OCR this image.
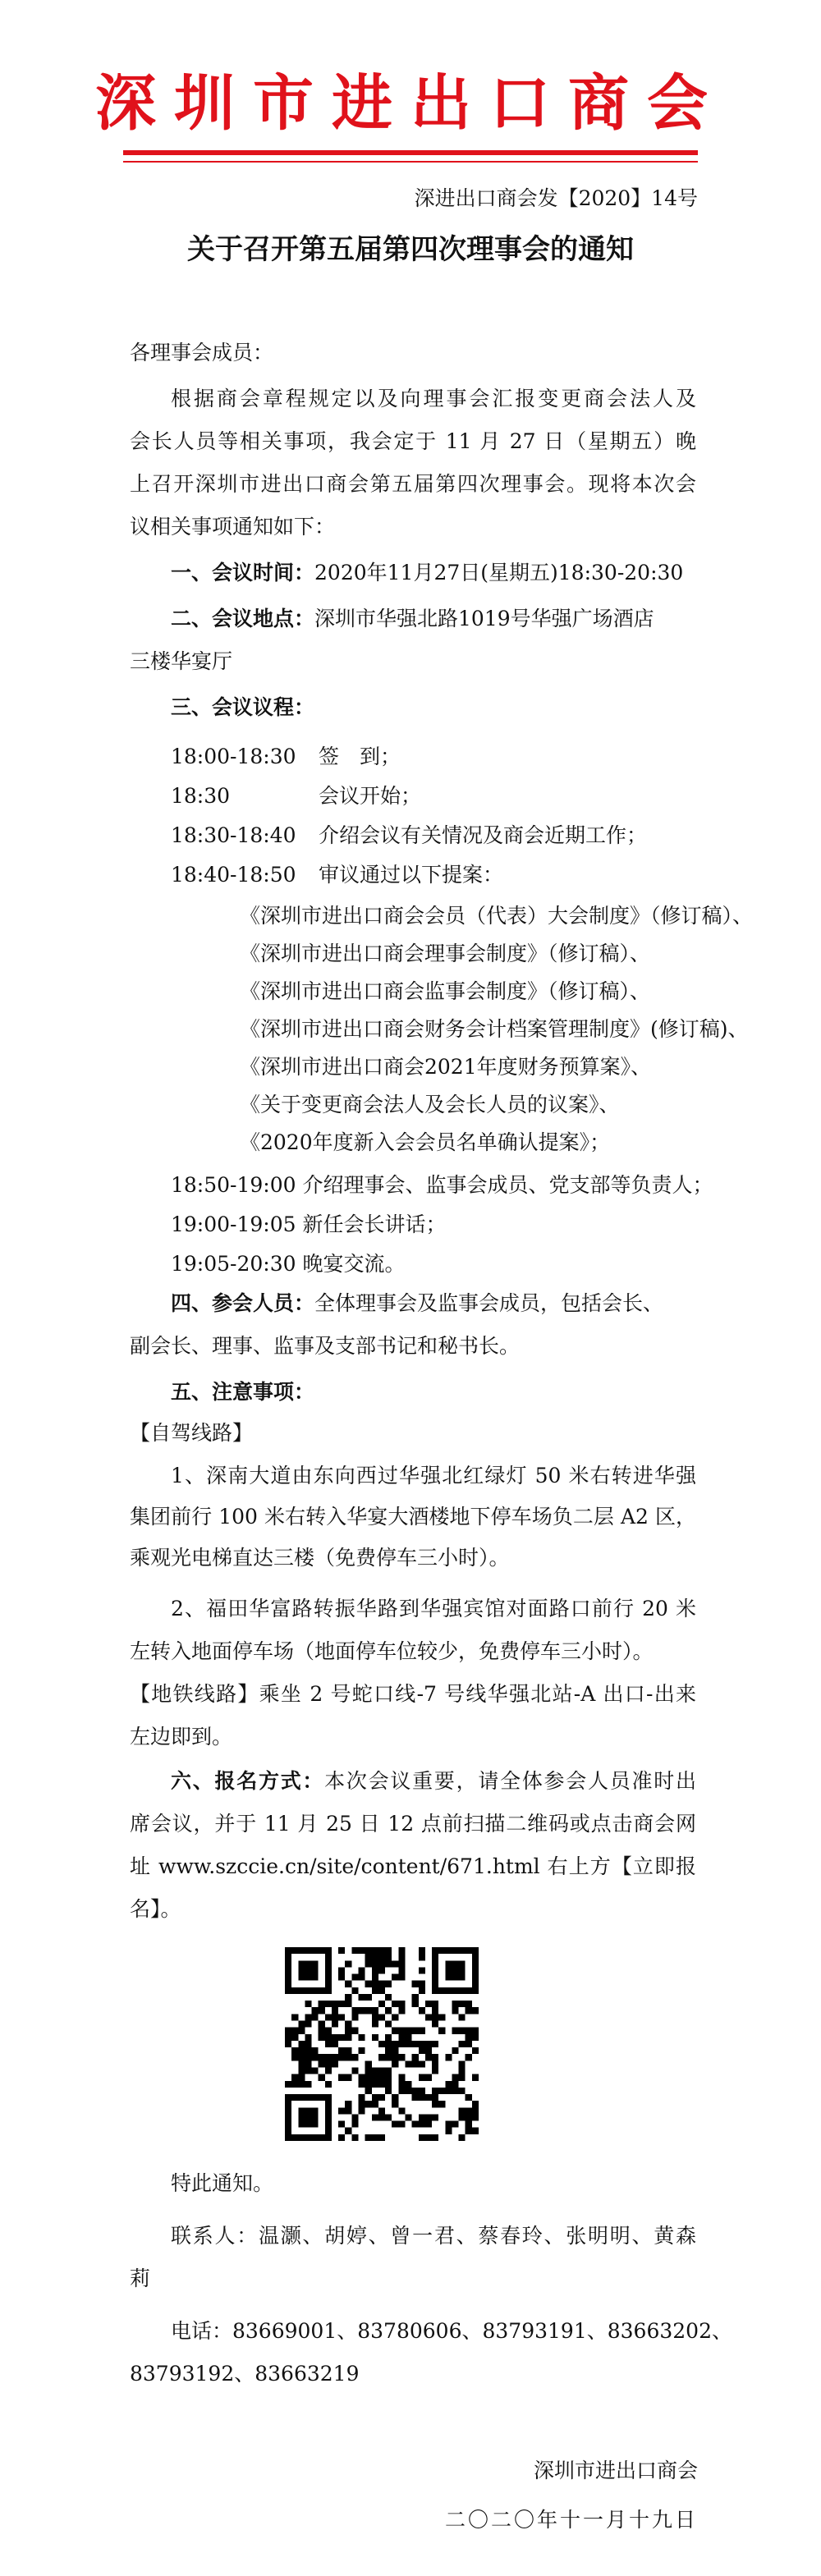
深圳市进出口商会
深进出口商会发【2020】14号
关于召开第五届第四次理事会的通知
各理事会成员：
根据商会章程规定以及向理事会汇报变更商会法人及
会长人员等相关事项，我会定于 11 月 27 日（星期五）晚
上召开深圳市进出口商会第五届第四次理事会。现将本次会
议相关事项通知如下：
一、会议时间：2020年11月27日(星期五)18:30-20:30
二、会议地点：深圳市华强北路1019号华强广场酒店
三楼华宴厅
三、会议议程：
18:00-18:30 签　到；
18:30	会议开始；
18:30-18:40 介绍会议有关情况及商会近期工作；
18:40-18:50 审议通过以下提案：
《深圳市进出口商会会员（代表）大会制度》（修订稿）、
《深圳市进出口商会理事会制度》（修订稿）、
《深圳市进出口商会监事会制度》（修订稿）、
《深圳市进出口商会财务会计档案管理制度》(修订稿)、
《深圳市进出口商会2021年度财务预算案》、
《关于变更商会法人及会长人员的议案》、
《2020年度新入会会员名单确认提案》；
18:50-19:00 介绍理事会、监事会成员、党支部等负责人；
19:00-19:05 新任会长讲话；
19:05-20:30 晚宴交流。
四、参会人员：全体理事会及监事会成员，包括会长、
副会长、理事、监事及支部书记和秘书长。
五、注意事项：
【自驾线路】
1、深南大道由东向西过华强北红绿灯 50 米右转进华强
集团前行 100 米右转入华宴大酒楼地下停车场负二层 A2 区，
乘观光电梯直达三楼（免费停车三小时）。
2、福田华富路转振华路到华强宾馆对面路口前行 20 米
左转入地面停车场（地面停车位较少，免费停车三小时）。
【地铁线路】乘坐 2 号蛇口线-7 号线华强北站-A 出口-出来
左边即到。
六、报名方式：本次会议重要，请全体参会人员准时出
席会议，并于 11 月 25 日 12 点前扫描二维码或点击商会网
址 www.szccie.cn/site/content/671.html 右上方【立即报
名】。
特此通知。
联系人：温灏、胡婷、曾一君、蔡春玲、张明明、黄森
莉
电话：83669001、83780606、83793191、83663202、
83793192、83663219
深圳市进出口商会
二〇二〇年十一月十九日
